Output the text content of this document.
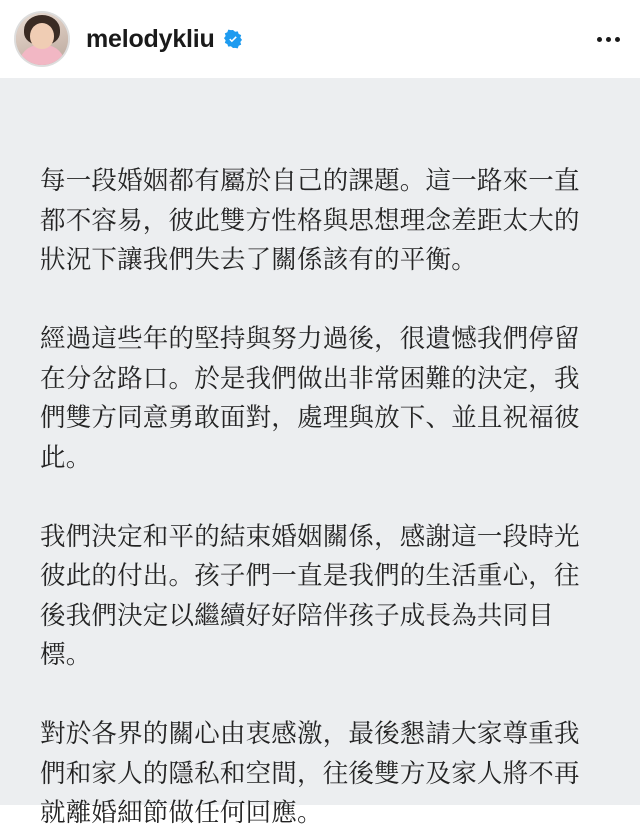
melodykliu

每一段婚姻都有屬於自己的課題。這一路來一直都不容易，彼此雙方性格與思想理念差距太大的狀況下讓我們失去了關係該有的平衡。

經過這些年的堅持與努力過後，很遺憾我們停留在分岔路口。於是我們做出非常困難的決定，我們雙方同意勇敢面對，處理與放下、並且祝福彼此。

我們決定和平的結束婚姻關係，感謝這一段時光彼此的付出。孩子們一直是我們的生活重心，往後我們決定以繼續好好陪伴孩子成長為共同目標。

對於各界的關心由衷感激，最後懇請大家尊重我們和家人的隱私和空間，往後雙方及家人將不再就離婚細節做任何回應。
